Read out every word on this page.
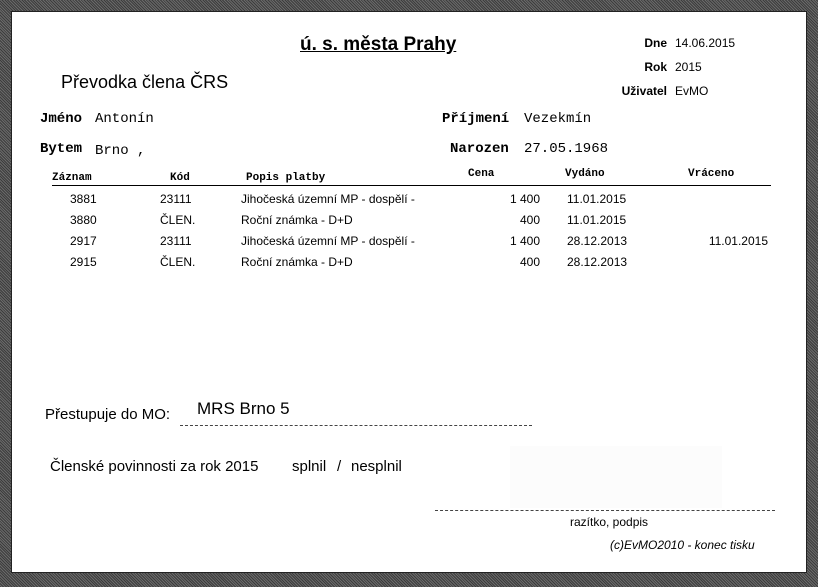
ú. s. města Prahy
Převodka člena ČRS
Dne 14.06.2015
Rok 2015
Uživatel EvMO
Jméno Antonín	Příjmení Vezekmín
Bytem Brno ,	Narozen 27.05.1968
Záznam	Kód	Popis platby	Cena	Vydáno	Vráceno
3881	23111	Jihočeská územní MP - dospělí -	1 400 11.01.2015
3880	ČLEN.	Roční známka - D+D	400 11.01.2015
2917	23111	Jihočeská územní MP - dospělí -	1 400 28.12.2013	11.01.2015
2915	ČLEN.	Roční známka - D+D	400 28.12.2013
Přestupuje do MO: MRS Brno 5
Členské povinnosti za rok 2015 splnil / nesplnil
razítko, podpis
(c)EvMO2010 - konec tisku
